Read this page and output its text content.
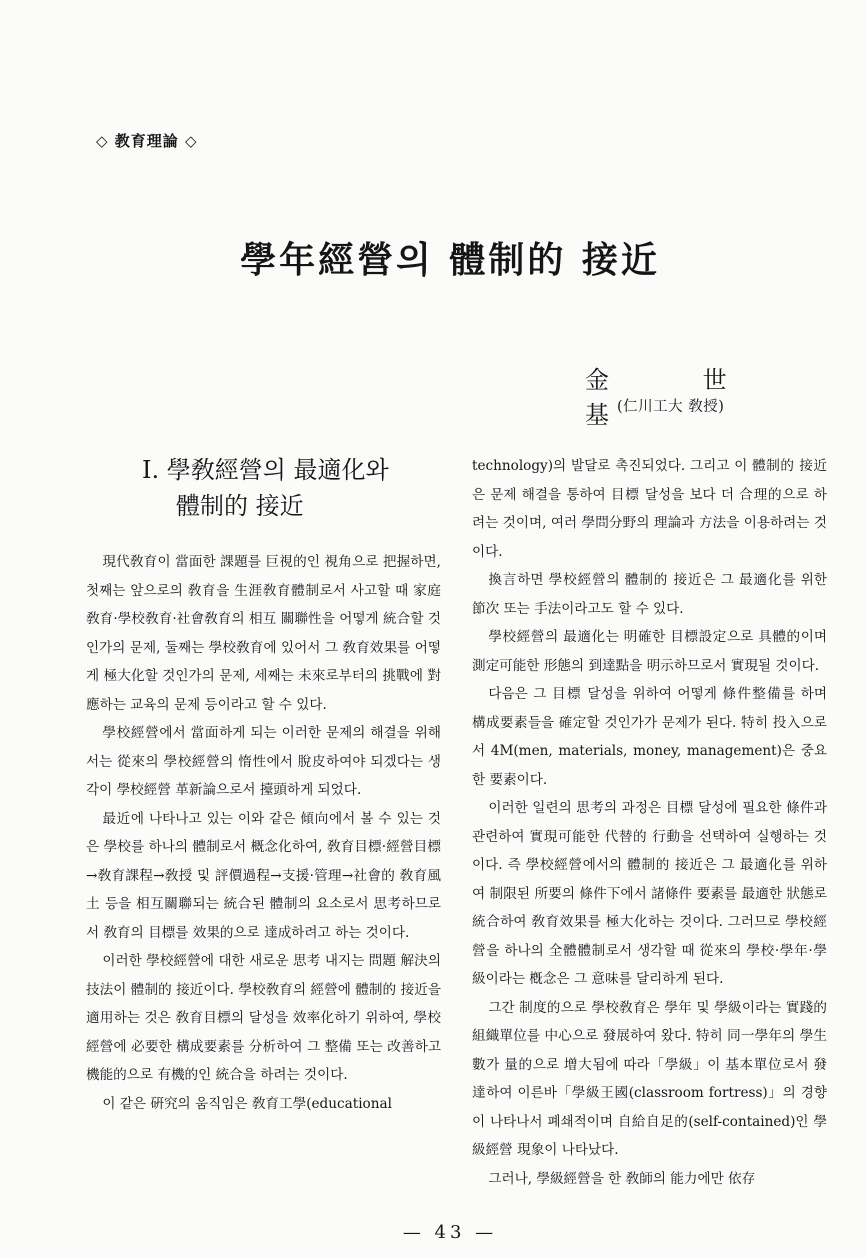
◇ 教育理論 ◇
學年經營의 體制的 接近
金 世 基
(仁川工大 敎授)
Ⅰ. 學敎經營의 最適化와
體制的 接近

現代敎育이 當面한 課題를 巨視的인 視角으로 把握하면, 첫째는 앞으로의 敎育을 生涯敎育體制로서 사고할 때 家庭敎育·學校敎育·社會敎育의 相互 關聯性을 어떻게 統合할 것인가의 문제, 둘째는 學校敎育에 있어서 그 敎育效果를 어떻게 極大化할 것인가의 문제, 세째는 未來로부터의 挑戰에 對應하는 교육의 문제 등이라고 할 수 있다.

學校經營에서 當面하게 되는 이러한 문제의 해결을 위해서는 從來의 學校經營의 惰性에서 脫皮하여야 되겠다는 생각이 學校經營 革新論으로서 擡頭하게 되었다.

最近에 나타나고 있는 이와 같은 傾向에서 볼 수 있는 것은 學校를 하나의 體制로서 概念化하여, 敎育目標·經營目標→敎育課程→敎授 및 評價過程→支援·管理→社會的 敎育風土 등을 相互關聯되는 統合된 體制의 요소로서 思考하므로서 敎育의 目標를 效果的으로 達成하려고 하는 것이다.

이러한 學校經營에 대한 새로운 思考 내지는 問題 解決의 技法이 體制的 接近이다. 學校敎育의 經營에 體制的 接近을 適用하는 것은 敎育目標의 달성을 效率化하기 위하여, 學校經營에 必要한 構成要素를 分析하여 그 整備 또는 改善하고 機能的으로 有機的인 統合을 하려는 것이다.

이 같은 硏究의 움직임은 敎育工學(educational

technology)의 발달로 촉진되었다. 그리고 이 體制的 接近은 문제 해결을 통하여 目標 달성을 보다 더 合理的으로 하려는 것이며, 여러 學問分野의 理論과 方法을 이용하려는 것이다.

換言하면 學校經營의 體制的 接近은 그 最適化를 위한 節次 또는 手法이라고도 할 수 있다.

學校經營의 最適化는 明確한 目標設定으로 具體的이며 測定可能한 形態의 到達點을 明示하므로서 實現될 것이다.

다음은 그 目標 달성을 위하여 어떻게 條件整備를 하며 構成要素들을 確定할 것인가가 문제가 된다. 特히 投入으로서 4M(men, materials, money, management)은 중요한 要素이다.

이러한 일련의 思考의 과정은 目標 달성에 필요한 條件과 관련하여 實現可能한 代替的 行動을 선택하여 실행하는 것이다. 즉 學校經營에서의 體制的 接近은 그 最適化를 위하여 制限된 所要의 條件下에서 諸條件 要素를 最適한 狀態로 統合하여 敎育效果를 極大化하는 것이다. 그러므로 學校經營을 하나의 全體體制로서 생각할 때 從來의 學校·學年·學級이라는 槪念은 그 意味를 달리하게 된다.

그간 制度的으로 學校敎育은 學年 및 學級이라는 實踐的 組織單位를 中心으로 發展하여 왔다. 特히 同一學年의 學生數가 量的으로 增大됨에 따라「學級」이 基本單位로서 發達하여 이른바「學級王國(classroom fortress)」의 경향이 나타나서 폐쇄적이며 自給自足的(self-contained)인 學級經營 現象이 나타났다.

그러나, 學級經營을 한 敎師의 能力에만 依存

— 43 —
